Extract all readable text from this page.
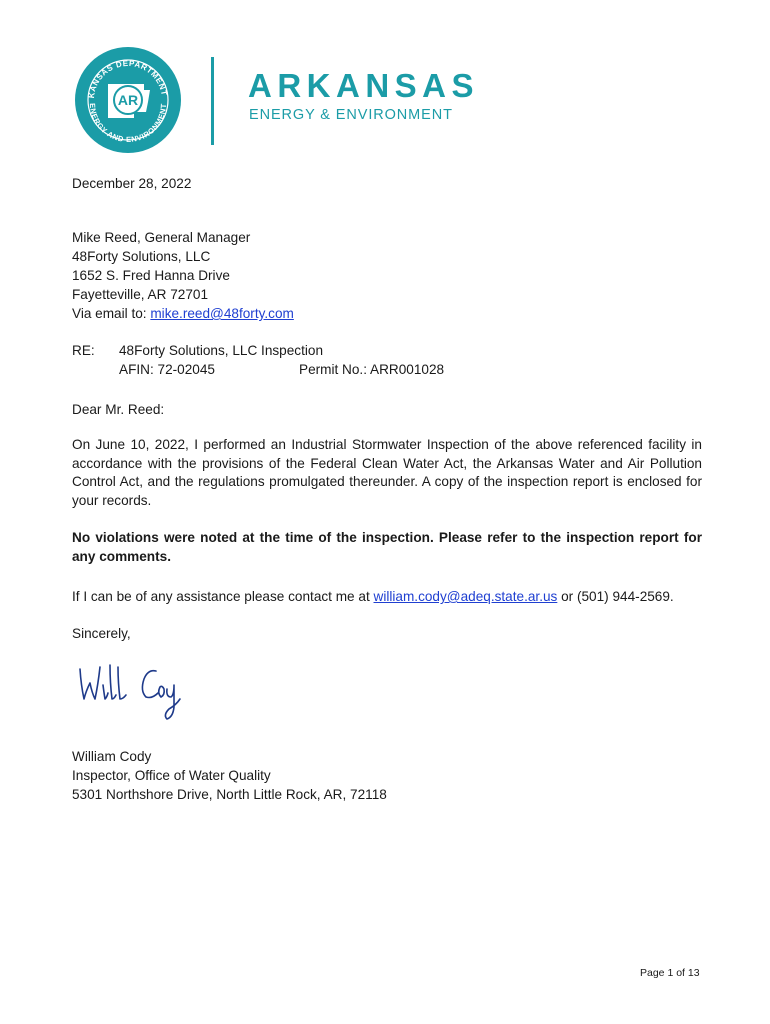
KANSAS DEPARTMENT
ENERGY AND ENVIRONMENT
AR	ARKANSAS
ENERGY & ENVIRONMENT
December 28, 2022
Mike Reed, General Manager
48Forty Solutions, LLC
1652 S. Fred Hanna Drive
Fayetteville, AR 72701
Via email to: mike.reed@48forty.com
RE: 48Forty Solutions, LLC Inspection
AFIN: 72-02045	Permit No.: ARR001028
Dear Mr. Reed:
On June 10, 2022, I performed an Industrial Stormwater Inspection of the above referenced facility in accordance with the provisions of the Federal Clean Water Act, the Arkansas Water and Air Pollution Control Act, and the regulations promulgated thereunder. A copy of the inspection report is enclosed for your records.
No violations were noted at the time of the inspection. Please refer to the inspection report for any comments.
If I can be of any assistance please contact me at william.cody@adeq.state.ar.us or (501) 944-2569.
Sincerely,
William Cody
Inspector, Office of Water Quality
5301 Northshore Drive, North Little Rock, AR, 72118
Page 1 of 13
